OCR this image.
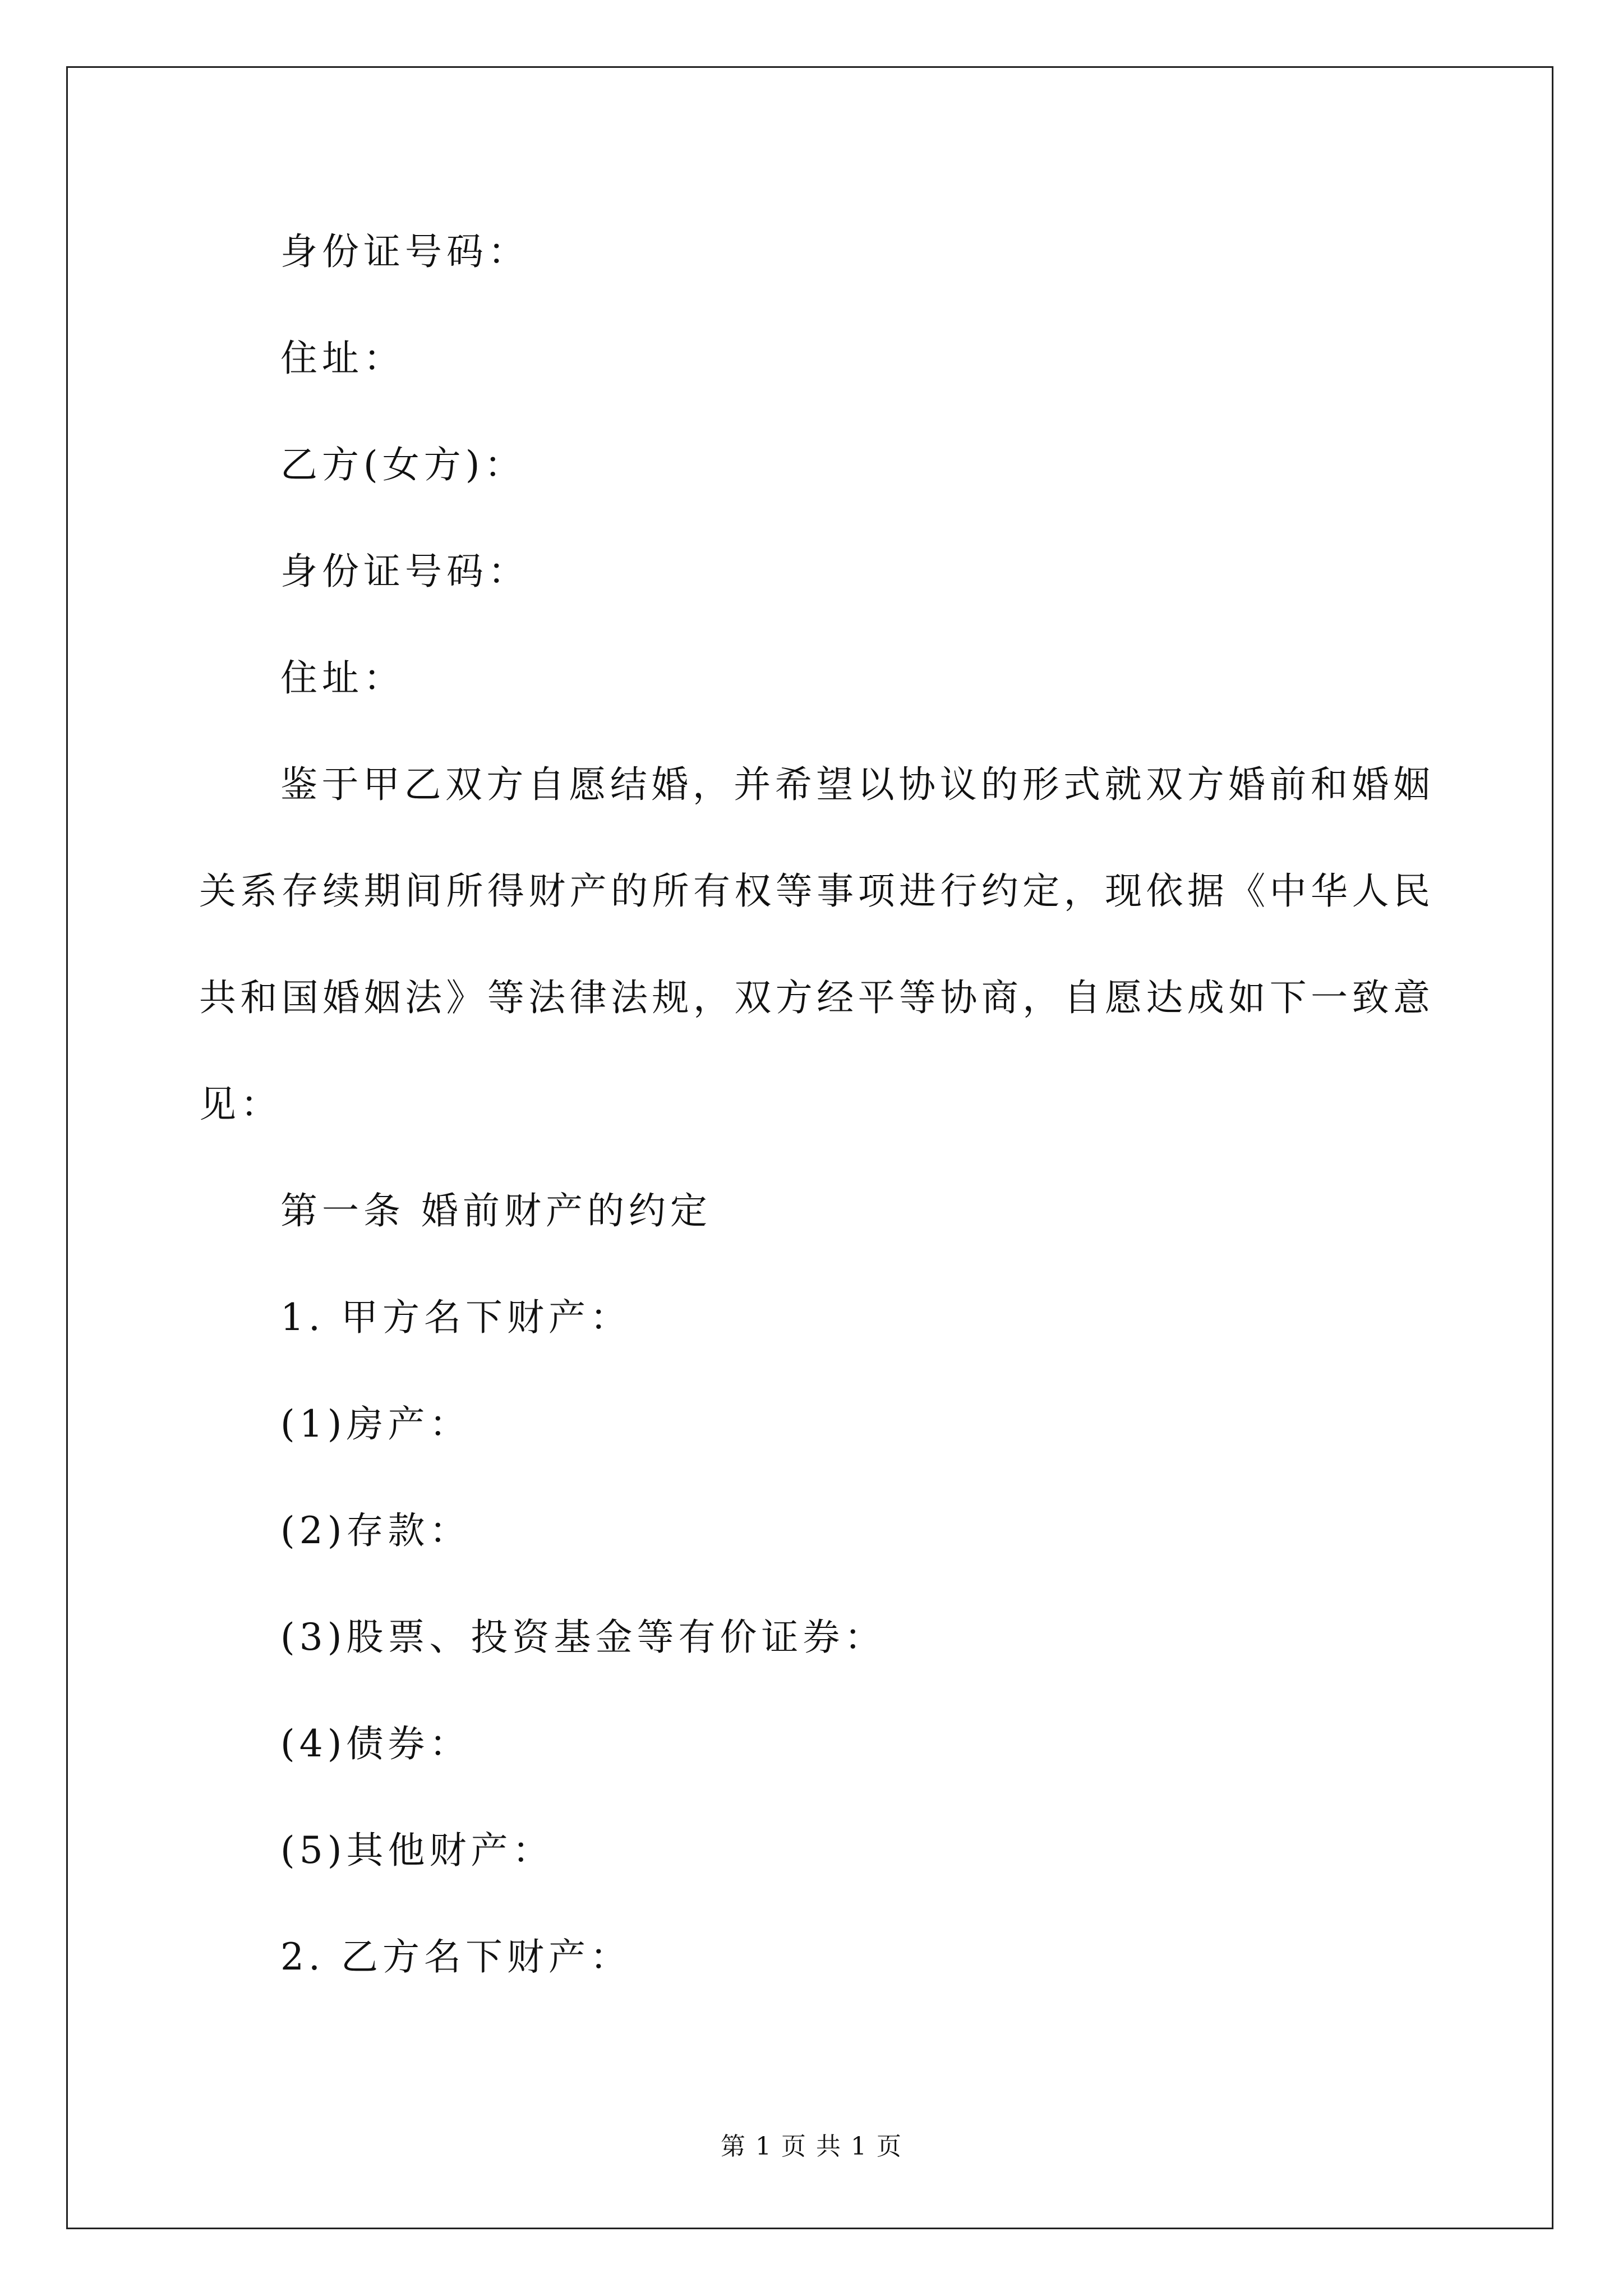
身份证号码：
住址：
乙方(女方)：
身份证号码：
住址：
鉴于甲乙双方自愿结婚，并希望以协议的形式就双方婚前和婚姻
关系存续期间所得财产的所有权等事项进行约定，现依据《中华人民
共和国婚姻法》等法律法规，双方经平等协商，自愿达成如下一致意
见：
第一条 婚前财产的约定
1. 甲方名下财产：
(1)房产：
(2)存款：
(3)股票、投资基金等有价证券：
(4)债券：
(5)其他财产：
2. 乙方名下财产：
第 1 页 共 1 页
